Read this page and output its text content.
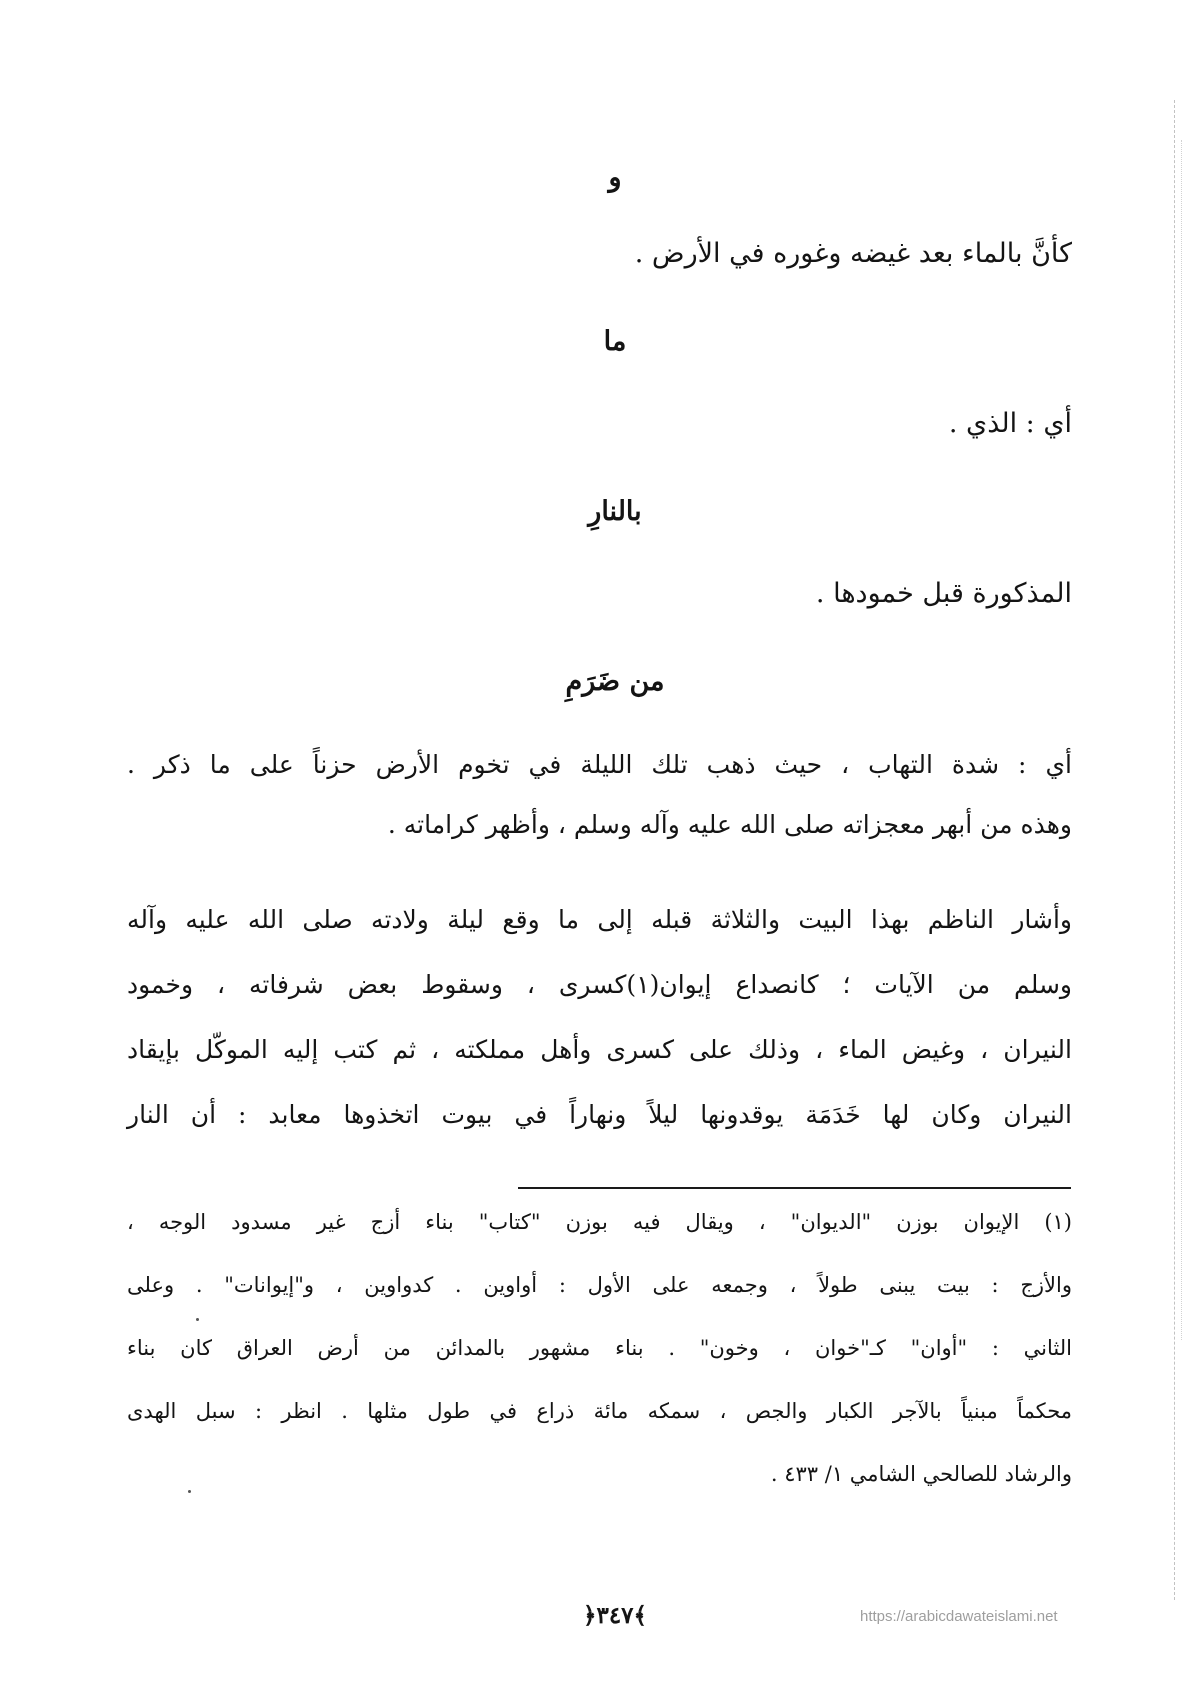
و
كأنَّ بالماء بعد غيضه وغوره في الأرض .
ما
أي : الذي .
بالنارِ
المذكورة قبل خمودها .
من ضَرَمِ
أي : شدة التهاب ، حيث ذهب تلك الليلة في تخوم الأرض حزناً على ما ذكر .
وهذه من أبهر معجزاته صلى الله عليه وآله وسلم ، وأظهر كراماته .
وأشار الناظم بهذا البيت والثلاثة قبله إلى ما وقع ليلة ولادته صلى الله عليه وآله
وسلم من الآيات ؛ كانصداع إيوان(١)كسرى ، وسقوط بعض شرفاته ، وخمود
النيران ، وغيض الماء ، وذلك على كسرى وأهل مملكته ، ثم كتب إليه الموكّل بإيقاد
النيران وكان لها خَدَمَة يوقدونها ليلاً ونهاراً في بيوت اتخذوها معابد : أن النار
(١) الإيوان بوزن "الديوان" ، ويقال فيه بوزن "كتاب" بناء أزج غير مسدود الوجه ،
والأزج : بيت يبنى طولاً ، وجمعه على الأول : أواوين . كدواوين ، و"إيوانات" . وعلى
الثاني : "أوان" كـ"خوان ، وخون" . بناء مشهور بالمدائن من أرض العراق كان بناء
محكماً مبنياً بالآجر الكبار والجص ، سمكه مائة ذراع في طول مثلها . انظر : سبل الهدى
والرشاد للصالحي الشامي ١/ ٤٣٣ .
﴿٣٤٧﴾	https://arabicdawateislami.net
